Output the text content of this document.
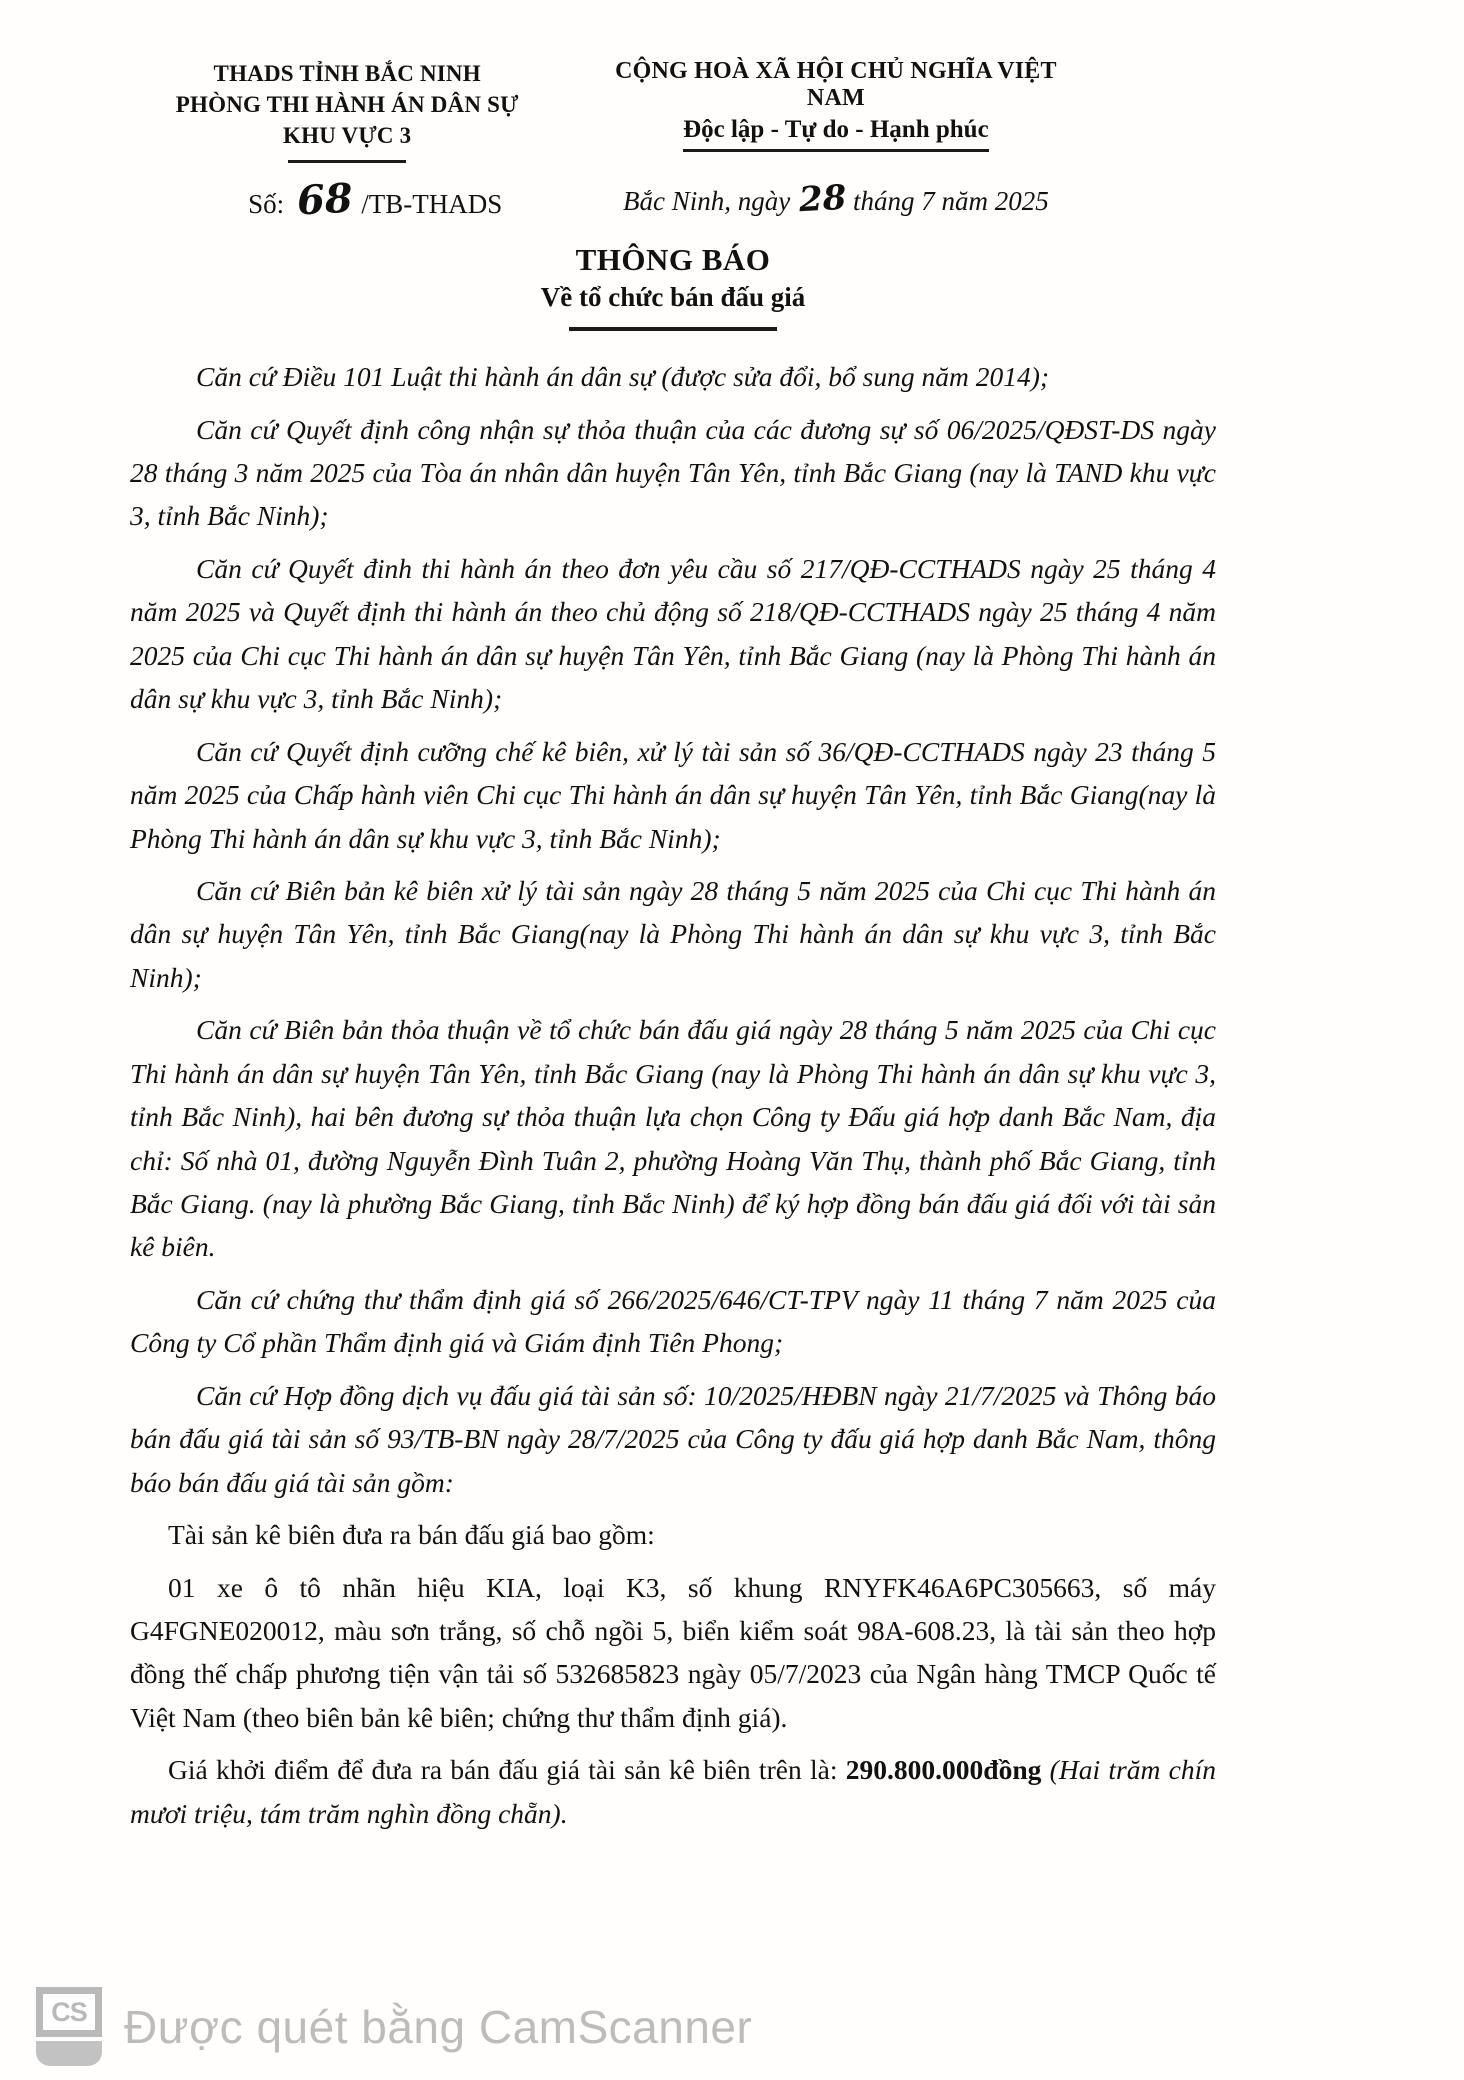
THADS TỈNH BẮC NINH
PHÒNG THI HÀNH ÁN DÂN SỰ
KHU VỰC 3
Số: 68 /TB-THADS
CỘNG HOÀ XÃ HỘI CHỦ NGHĨA VIỆT NAM
Độc lập - Tự do - Hạnh phúc
Bắc Ninh, ngày 28 tháng 7 năm 2025
THÔNG BÁO
Về tổ chức bán đấu giá

Căn cứ Điều 101 Luật thi hành án dân sự (được sửa đổi, bổ sung năm 2014);

Căn cứ Quyết định công nhận sự thỏa thuận của các đương sự số 06/2025/QĐST-DS ngày 28 tháng 3 năm 2025 của Tòa án nhân dân huyện Tân Yên, tỉnh Bắc Giang (nay là TAND khu vực 3, tỉnh Bắc Ninh);

Căn cứ Quyết đinh thi hành án theo đơn yêu cầu số 217/QĐ-CCTHADS ngày 25 tháng 4 năm 2025 và Quyết định thi hành án theo chủ động số 218/QĐ-CCTHADS ngày 25 tháng 4 năm 2025 của Chi cục Thi hành án dân sự huyện Tân Yên, tỉnh Bắc Giang (nay là Phòng Thi hành án dân sự khu vực 3, tỉnh Bắc Ninh);

Căn cứ Quyết định cưỡng chế kê biên, xử lý tài sản số 36/QĐ-CCTHADS ngày 23 tháng 5 năm 2025 của Chấp hành viên Chi cục Thi hành án dân sự huyện Tân Yên, tỉnh Bắc Giang(nay là Phòng Thi hành án dân sự khu vực 3, tỉnh Bắc Ninh);

Căn cứ Biên bản kê biên xử lý tài sản ngày 28 tháng 5 năm 2025 của Chi cục Thi hành án dân sự huyện Tân Yên, tỉnh Bắc Giang(nay là Phòng Thi hành án dân sự khu vực 3, tỉnh Bắc Ninh);

Căn cứ Biên bản thỏa thuận về tổ chức bán đấu giá ngày 28 tháng 5 năm 2025 của Chi cục Thi hành án dân sự huyện Tân Yên, tỉnh Bắc Giang (nay là Phòng Thi hành án dân sự khu vực 3, tỉnh Bắc Ninh), hai bên đương sự thỏa thuận lựa chọn Công ty Đấu giá hợp danh Bắc Nam, địa chỉ: Số nhà 01, đường Nguyễn Đình Tuân 2, phường Hoàng Văn Thụ, thành phố Bắc Giang, tỉnh Bắc Giang. (nay là phường Bắc Giang, tỉnh Bắc Ninh) để ký hợp đồng bán đấu giá đối với tài sản kê biên.

Căn cứ chứng thư thẩm định giá số 266/2025/646/CT-TPV ngày 11 tháng 7 năm 2025 của Công ty Cổ phần Thẩm định giá và Giám định Tiên Phong;

Căn cứ Hợp đồng dịch vụ đấu giá tài sản số: 10/2025/HĐBN ngày 21/7/2025 và Thông báo bán đấu giá tài sản số 93/TB-BN ngày 28/7/2025 của Công ty đấu giá hợp danh Bắc Nam, thông báo bán đấu giá tài sản gồm:

Tài sản kê biên đưa ra bán đấu giá bao gồm:

01 xe ô tô nhãn hiệu KIA, loại K3, số khung RNYFK46A6PC305663, số máy G4FGNE020012, màu sơn trắng, số chỗ ngồi 5, biển kiểm soát 98A-608.23, là tài sản theo hợp đồng thế chấp phương tiện vận tải số 532685823 ngày 05/7/2023 của Ngân hàng TMCP Quốc tế Việt Nam (theo biên bản kê biên; chứng thư thẩm định giá).

Giá khởi điểm để đưa ra bán đấu giá tài sản kê biên trên là: 290.800.000đồng (Hai trăm chín mươi triệu, tám trăm nghìn đồng chẵn).

CS Được quét bằng CamScanner
